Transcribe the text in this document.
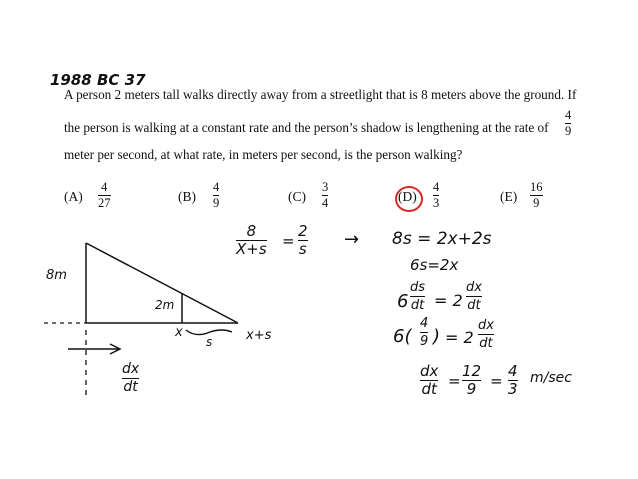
1988 BC 37
A person 2 meters tall walks directly away from a streetlight that is 8 meters above the ground. If
the person is walking at a constant rate and the person’s shadow is lengthening at the rate of
4
9
meter per second, at what rate, in meters per second, is the person walking?
(A)
4
27	(B)
4
9	(C)
3
4	(D)
4
3	(E)
16
9
8m
2m
x
s	x+s
dx
dt
8
X+s =
2
s → 8s = 2x+2s
6s=2x
6
ds
dt = 2
dx
dt
6(
4
9 ) = 2
dx
dt
dx
dt =
12
9 =
4
3
m/sec
